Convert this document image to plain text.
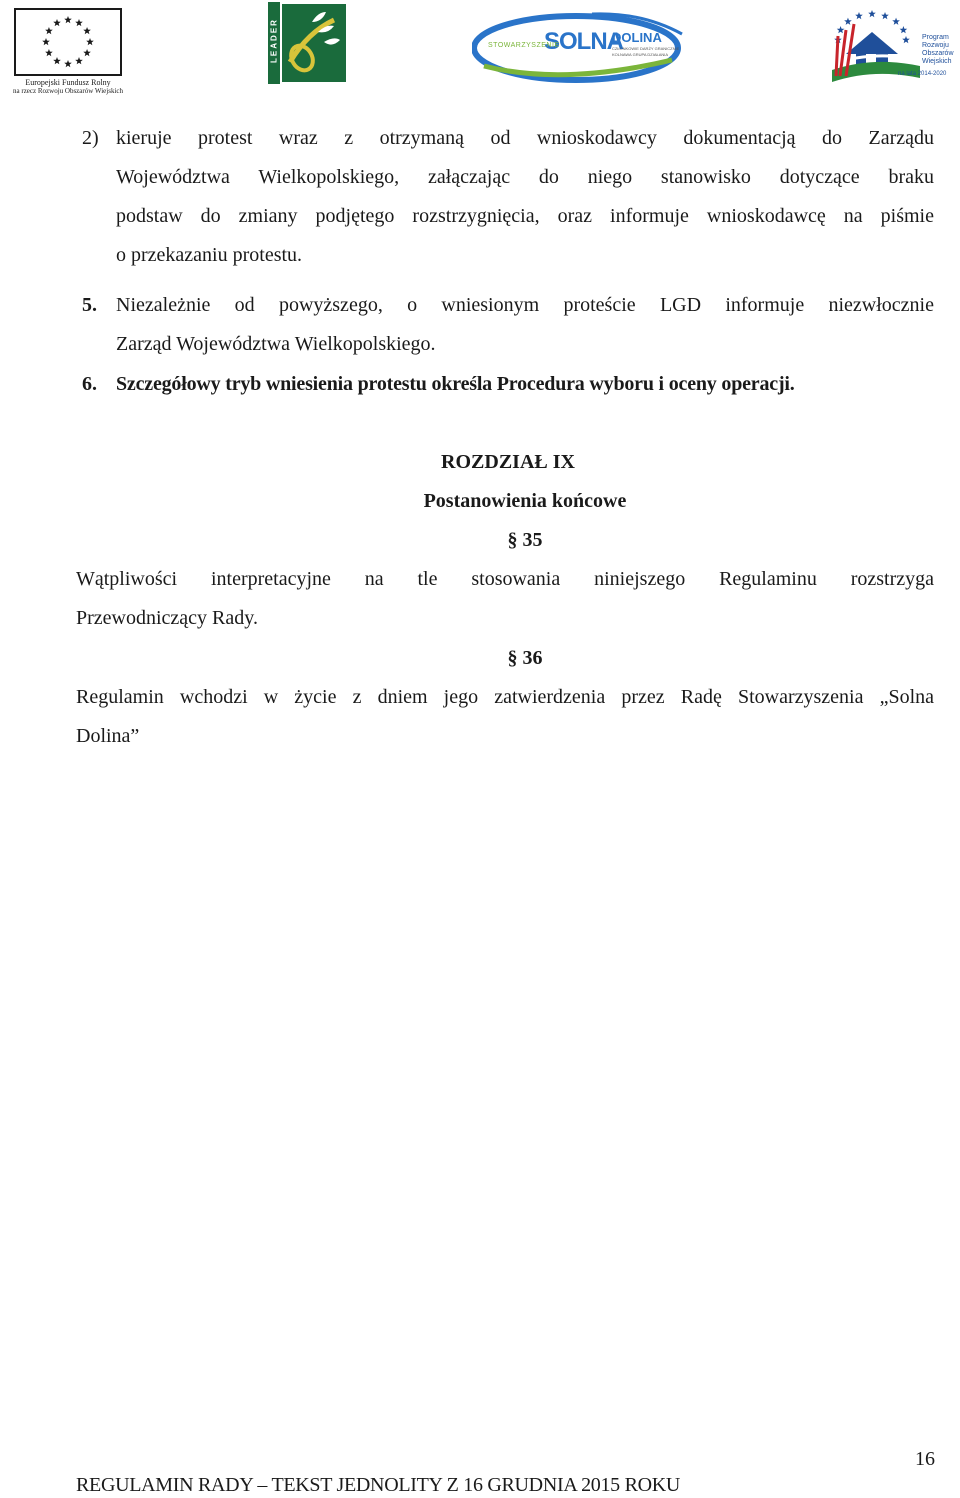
Europejski Fundusz Rolny
na rzecz Rozwoju Obszarów Wiejskich
LEADER	SOLNA
DOLINA
STOWARZYSZENIE	CZŁONKOWIE DARŻY GRANICZNIE
KOLNAWA GRUPA DZIAŁANIA
Program
Rozwoju
Obszarów
Wiejskich
na lata 2014-2020
2) kieruje protest wraz z otrzymaną od wnioskodawcy dokumentacją do Zarządu
Województwa Wielkopolskiego, załączając do niego stanowisko dotyczące braku
podstaw do zmiany podjętego rozstrzygnięcia, oraz informuje wnioskodawcę na piśmie
o przekazaniu protestu.
5. Niezależnie od powyższego, o wniesionym proteście LGD informuje niezwłocznie
Zarząd Województwa Wielkopolskiego.
6. Szczegółowy tryb wniesienia protestu określa Procedura wyboru i oceny operacji.
ROZDZIAŁ IX
Postanowienia końcowe
§ 35
Wątpliwości interpretacyjne na tle stosowania niniejszego Regulaminu rozstrzyga
Przewodniczący Rady.
§ 36
Regulamin wchodzi w życie z dniem jego zatwierdzenia przez Radę Stowarzyszenia „Solna
Dolina”
16
REGULAMIN RADY – TEKST JEDNOLITY Z 16 GRUDNIA 2015 ROKU
